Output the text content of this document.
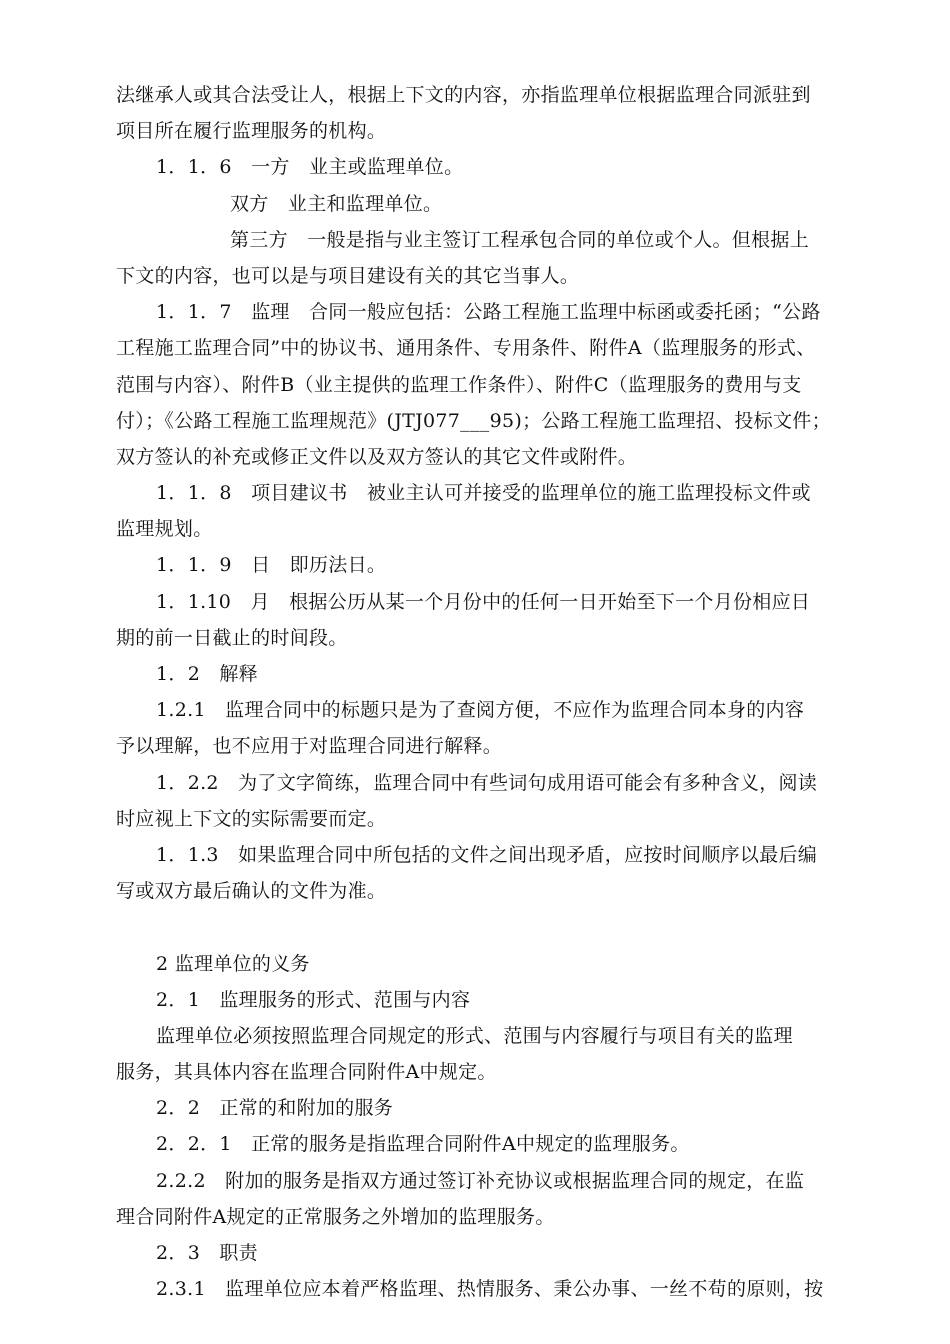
法继承人或其合法受让人，根据上下文的内容，亦指监理单位根据监理合同派驻到
项目所在履行监理服务的机构。
1．1．6　一方　业主或监理单位。
双方　业主和监理单位。
第三方　一般是指与业主签订工程承包合同的单位或个人。但根据上
下文的内容，也可以是与项目建设有关的其它当事人。
1．1．7　监理　合同一般应包括：公路工程施工监理中标函或委托函；“公路
工程施工监理合同”中的协议书、通用条件、专用条件、附件A（监理服务的形式、
范围与内容）、附件B（业主提供的监理工作条件）、附件C（监理服务的费用与支
付）；《公路工程施工监理规范》(JTJ077___95)；公路工程施工监理招、投标文件；
双方签认的补充或修正文件以及双方签认的其它文件或附件。
1．1．8　项目建议书　被业主认可并接受的监理单位的施工监理投标文件或
监理规划。
1．1．9　日　即历法日。
1．1.10　月　根据公历从某一个月份中的任何一日开始至下一个月份相应日
期的前一日截止的时间段。
1．2　解释
1.2.1　监理合同中的标题只是为了查阅方便，不应作为监理合同本身的内容
予以理解，也不应用于对监理合同进行解释。
1．2.2　为了文字简练，监理合同中有些词句成用语可能会有多种含义，阅读
时应视上下文的实际需要而定。
1．1.3　如果监理合同中所包括的文件之间出现矛盾，应按时间顺序以最后编
写或双方最后确认的文件为准。
2 监理单位的义务
2．1　监理服务的形式、范围与内容
监理单位必须按照监理合同规定的形式、范围与内容履行与项目有关的监理
服务，其具体内容在监理合同附件A中规定。
2．2　正常的和附加的服务
2．2．1　正常的服务是指监理合同附件A中规定的监理服务。
2.2.2　附加的服务是指双方通过签订补充协议或根据监理合同的规定，在监
理合同附件A规定的正常服务之外增加的监理服务。
2．3　职责
2.3.1　监理单位应本着严格监理、热情服务、秉公办事、一丝不苟的原则，按
